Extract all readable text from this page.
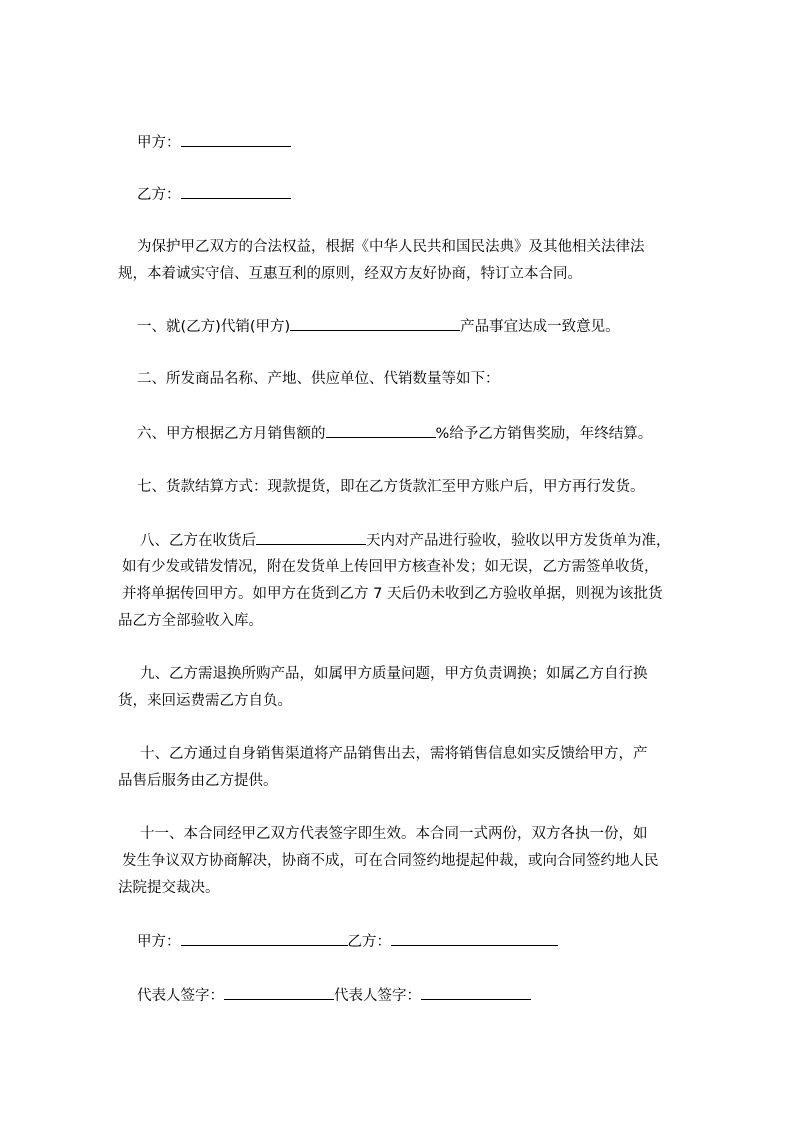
甲方：
乙方：
为保护甲乙双方的合法权益，根据《中华人民共和国民法典》及其他相关法律法
规，本着诚实守信、互惠互利的原则，经双方友好协商，特订立本合同。
一、就(乙方)代销(甲方)	产品事宜达成一致意见。
二、所发商品名称、产地、供应单位、代销数量等如下：
六、甲方根据乙方月销售额的	%给予乙方销售奖励，年终结算。
七、货款结算方式：现款提货，即在乙方货款汇至甲方账户后，甲方再行发货。
八、乙方在收货后	天内对产品进行验收，验收以甲方发货单为准，
如有少发或错发情况，附在发货单上传回甲方核查补发；如无误，乙方需签单收货，
并将单据传回甲方。如甲方在货到乙方 7 天后仍未收到乙方验收单据，则视为该批货
品乙方全部验收入库。
九、乙方需退换所购产品，如属甲方质量问题，甲方负责调换；如属乙方自行换
货，来回运费需乙方自负。
十、乙方通过自身销售渠道将产品销售出去，需将销售信息如实反馈给甲方，产
品售后服务由乙方提供。
十一、本合同经甲乙双方代表签字即生效。本合同一式两份，双方各执一份，如
发生争议双方协商解决，协商不成，可在合同签约地提起仲裁，或向合同签约地人民
法院提交裁决。
甲方：	乙方：
代表人签字：	代表人签字：
